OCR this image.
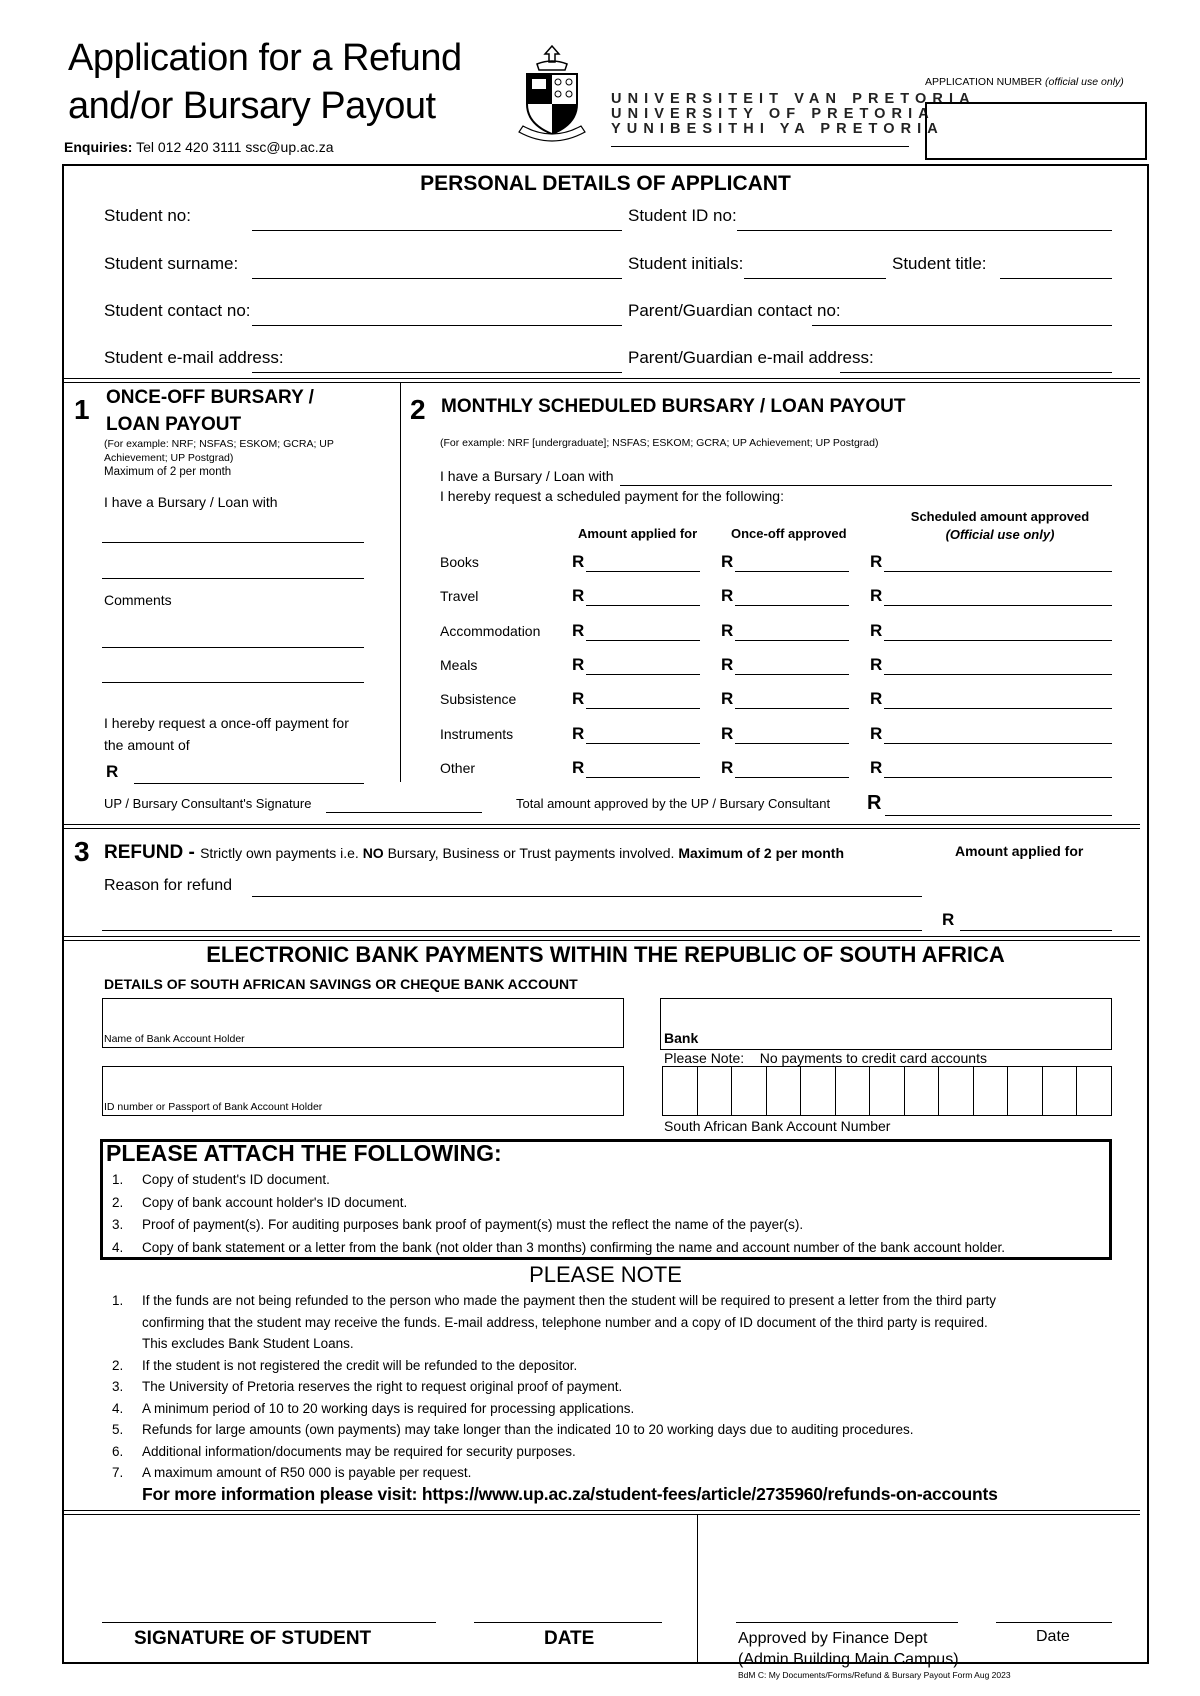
Application for a Refund
and/or Bursary Payout
Enquiries: Tel 012 420 3111 ssc@up.ac.za
UNIVERSITEIT VAN PRETORIA
UNIVERSITY OF PRETORIA
YUNIBESITHI YA PRETORIA
APPLICATION NUMBER (official use only)
PERSONAL DETAILS OF APPLICANT
Student no:	Student ID no:
Student surname:	Student initials:	Student title:
Student contact no:	Parent/Guardian contact no:
Student e-mail address:	Parent/Guardian e-mail address:
1 ONCE-OFF BURSARY /
LOAN PAYOUT
(For example: NRF; NSFAS; ESKOM; GCRA; UP
Achievement; UP Postgrad)
Maximum of 2 per month
I have a Bursary / Loan with
Comments
I hereby request a once-off payment for
the amount of
R
UP / Bursary Consultant's Signature
2 MONTHLY SCHEDULED BURSARY / LOAN PAYOUT
(For example: NRF [undergraduate]; NSFAS; ESKOM; GCRA; UP Achievement; UP Postgrad)
I have a Bursary / Loan with
I hereby request a scheduled payment for the following:
Amount applied for	Once-off approved
Scheduled amount approved
(Official use only)
Books	R	R	R
Travel	R	R	R
Accommodation R	R	R
Meals	R	R	R
Subsistence	R	R	R
Instruments	R	R	R
Other	R	R	R
Total amount approved by the UP / Bursary Consultant R
3 REFUND - Strictly own payments i.e. NO Bursary, Business or Trust payments involved. Maximum of 2 per month	Amount applied for
Reason for refund
R
ELECTRONIC BANK PAYMENTS WITHIN THE REPUBLIC OF SOUTH AFRICA
DETAILS OF SOUTH AFRICAN SAVINGS OR CHEQUE BANK ACCOUNT
Name of Bank Account Holder
ID number or Passport of Bank Account Holder
Bank
Please Note: No payments to credit card accounts
South African Bank Account Number
PLEASE ATTACH THE FOLLOWING:
1. Copy of student's ID document.
2. Copy of bank account holder's ID document.
3. Proof of payment(s). For auditing purposes bank proof of payment(s) must the reflect the name of the payer(s).
4. Copy of bank statement or a letter from the bank (not older than 3 months) confirming the name and account number of the bank account holder.
PLEASE NOTE
1. If the funds are not being refunded to the person who made the payment then the student will be required to present a letter from the third party
confirming that the student may receive the funds. E-mail address, telephone number and a copy of ID document of the third party is required.
This excludes Bank Student Loans.
2. If the student is not registered the credit will be refunded to the depositor.
3. The University of Pretoria reserves the right to request original proof of payment.
4. A minimum period of 10 to 20 working days is required for processing applications.
5. Refunds for large amounts (own payments) may take longer than the indicated 10 to 20 working days due to auditing procedures.
6. Additional information/documents may be required for security purposes.
7. A maximum amount of R50 000 is payable per request.
For more information please visit: https://www.up.ac.za/student-fees/article/2735960/refunds-on-accounts
SIGNATURE OF STUDENT	DATE	Approved by Finance Dept
(Admin Building Main Campus)
Date
BdM C: My Documents/Forms/Refund & Bursary Payout Form Aug 2023
